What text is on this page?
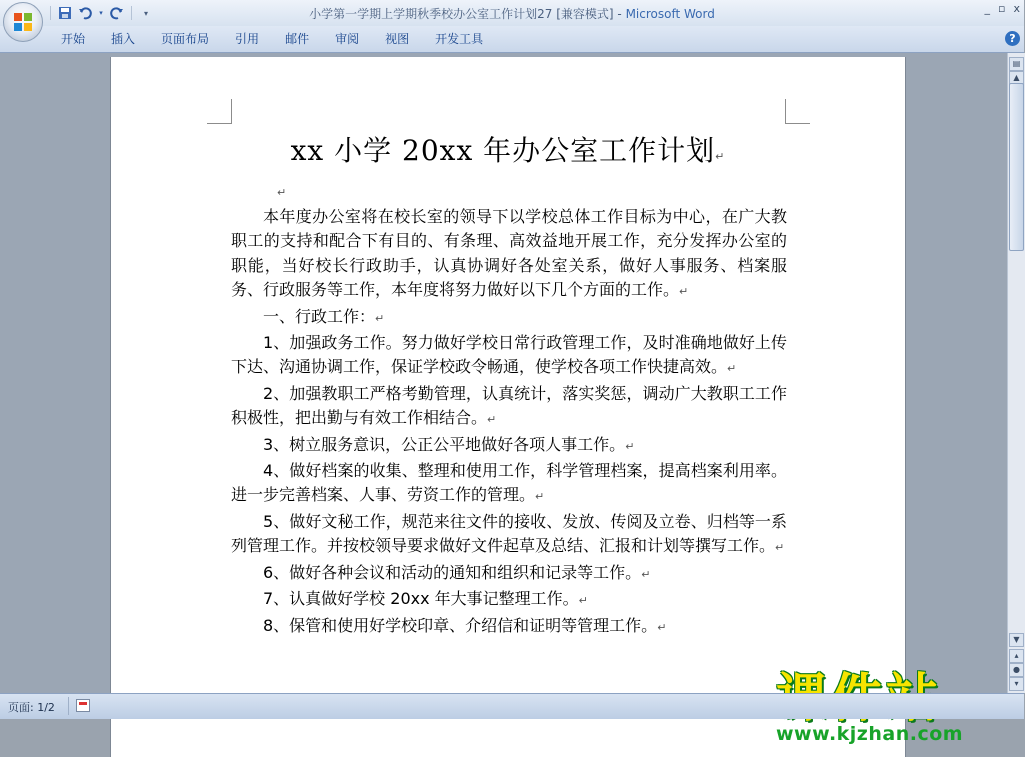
▾	▾	小学第一学期上学期秋季校办公室工作计划27 [兼容模式] - Microsoft Word	_ ▫ x
开始	插入	页面布局	引用	邮件	审阅	视图	开发工具	?
xx 小学 20xx 年办公室工作计划↵
↵

本年度办公室将在校长室的领导下以学校总体工作目标为中心，在广大教职工的支持和配合下有目的、有条理、高效益地开展工作，充分发挥办公室的职能，当好校长行政助手，认真协调好各处室关系，做好人事服务、档案服务、行政服务等工作，本年度将努力做好以下几个方面的工作。↵

一、行政工作：↵

1、加强政务工作。努力做好学校日常行政管理工作，及时准确地做好上传下达、沟通协调工作，保证学校政令畅通，使学校各项工作快捷高效。↵

2、加强教职工严格考勤管理，认真统计，落实奖惩，调动广大教职工工作积极性，把出勤与有效工作相结合。↵

3、树立服务意识，公正公平地做好各项人事工作。↵

4、做好档案的收集、整理和使用工作，科学管理档案，提高档案利用率。进一步完善档案、人事、劳资工作的管理。↵

5、做好文秘工作，规范来往文件的接收、发放、传阅及立卷、归档等一系列管理工作。并按校领导要求做好文件起草及总结、汇报和计划等撰写工作。↵

6、做好各种会议和活动的通知和组织和记录等工作。↵

7、认真做好学校 20xx 年大事记整理工作。↵

8、保管和使用好学校印章、介绍信和证明等管理工作。↵

www.kjzhan.com
▤
▲
▼
▴
●
▾
页面: 1/2
